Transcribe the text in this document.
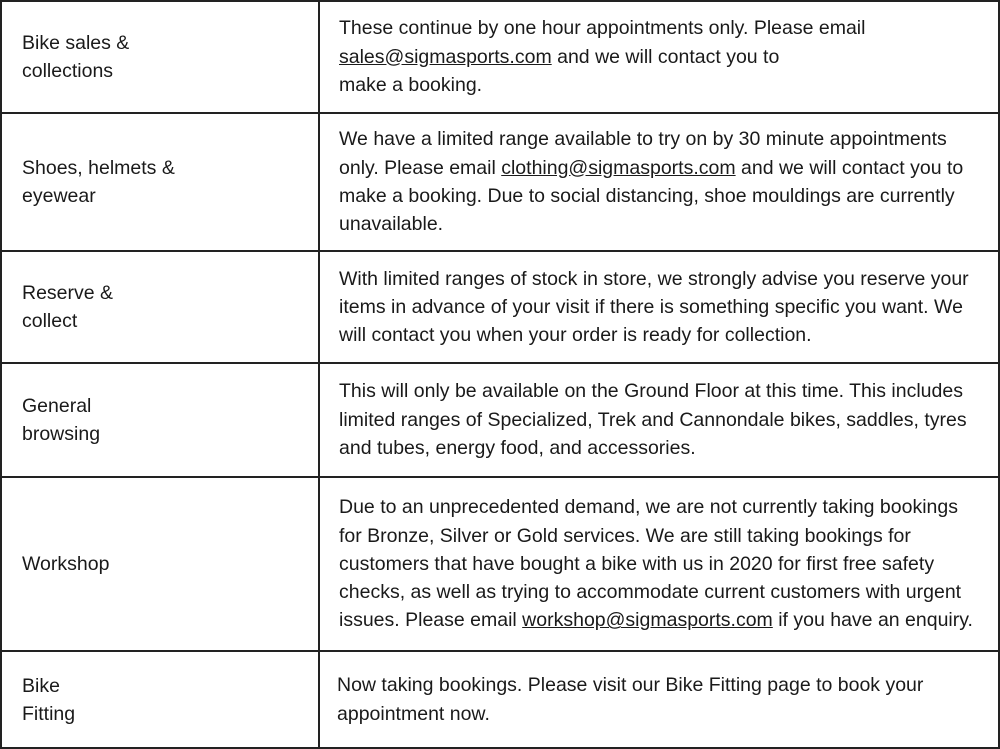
Bike sales &
collections
These continue by one hour appointments only. Please email
sales@sigmasports.com and we will contact you to
make a booking.
Shoes, helmets &
eyewear
We have a limited range available to try on by 30 minute appointments only. Please email clothing@sigmasports.com and we will contact you to make a booking. Due to social distancing, shoe mouldings are currently unavailable.
Reserve &
collect
With limited ranges of stock in store, we strongly advise you reserve your items in advance of your visit if there is something specific you want. We will contact you when your order is ready for collection.
General
browsing
This will only be available on the Ground Floor at this time. This includes limited ranges of Specialized, Trek and Cannondale bikes, saddles, tyres and tubes, energy food, and accessories.
Workshop
Due to an unprecedented demand, we are not currently taking bookings for Bronze, Silver or Gold services. We are still taking bookings for customers that have bought a bike with us in 2020 for first free safety checks, as well as trying to accommodate current customers with urgent issues. Please email workshop@sigmasports.com if you have an enquiry.
Bike
Fitting
Now taking bookings. Please visit our Bike Fitting page to book your appointment now.
